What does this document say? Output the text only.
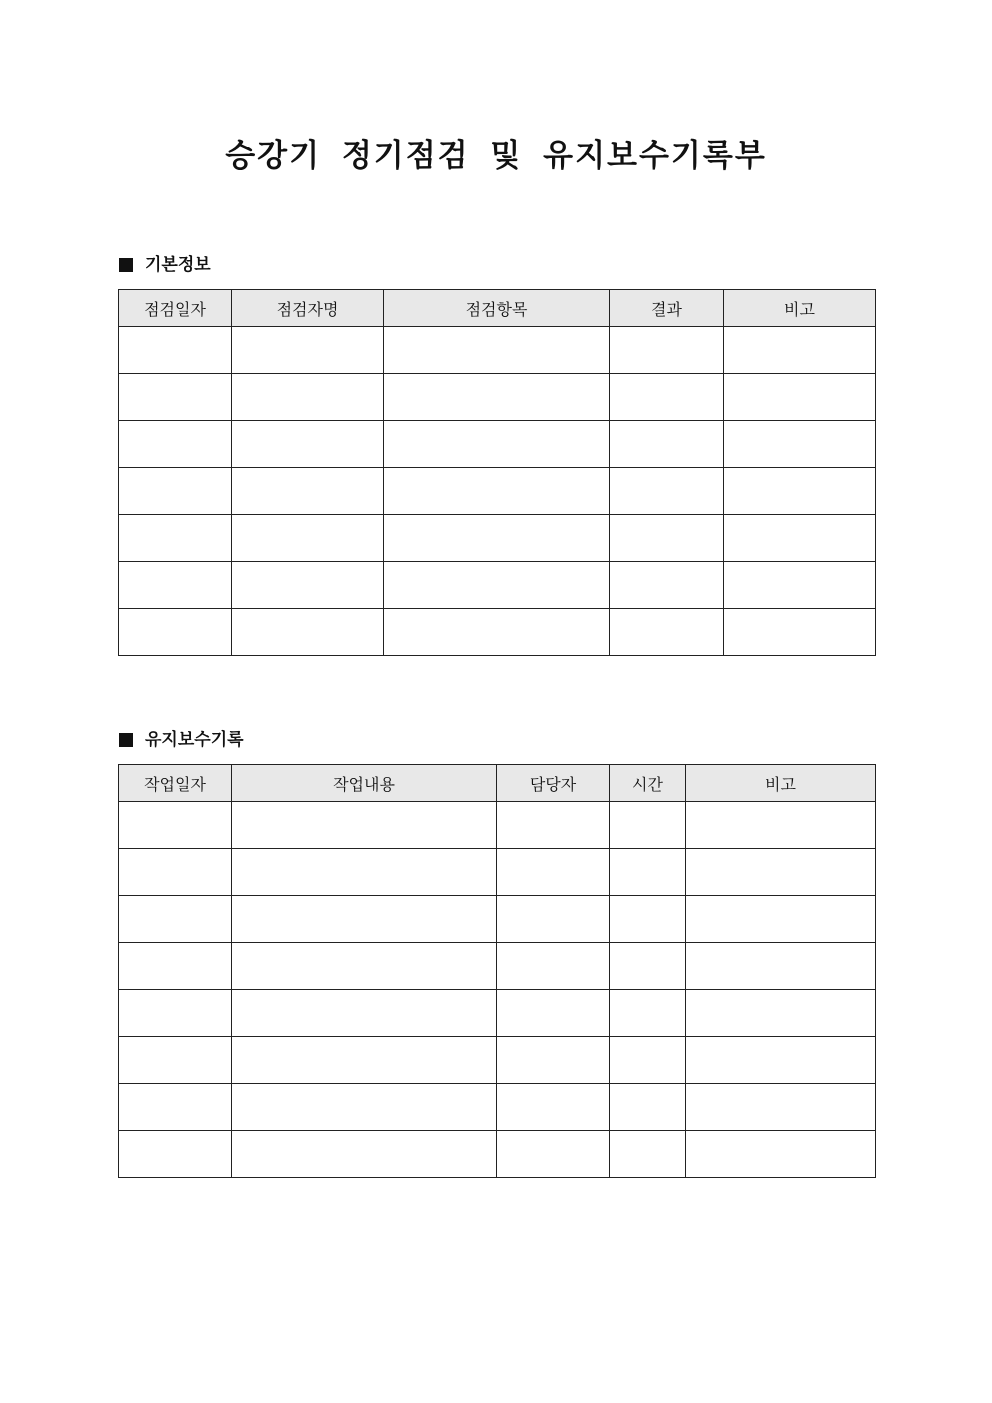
승강기 정기점검 및 유지보수기록부
기본정보
점검일자	점검자명	점검항목	결과	비고

유지보수기록
작업일자	작업내용	담당자	시간	비고
